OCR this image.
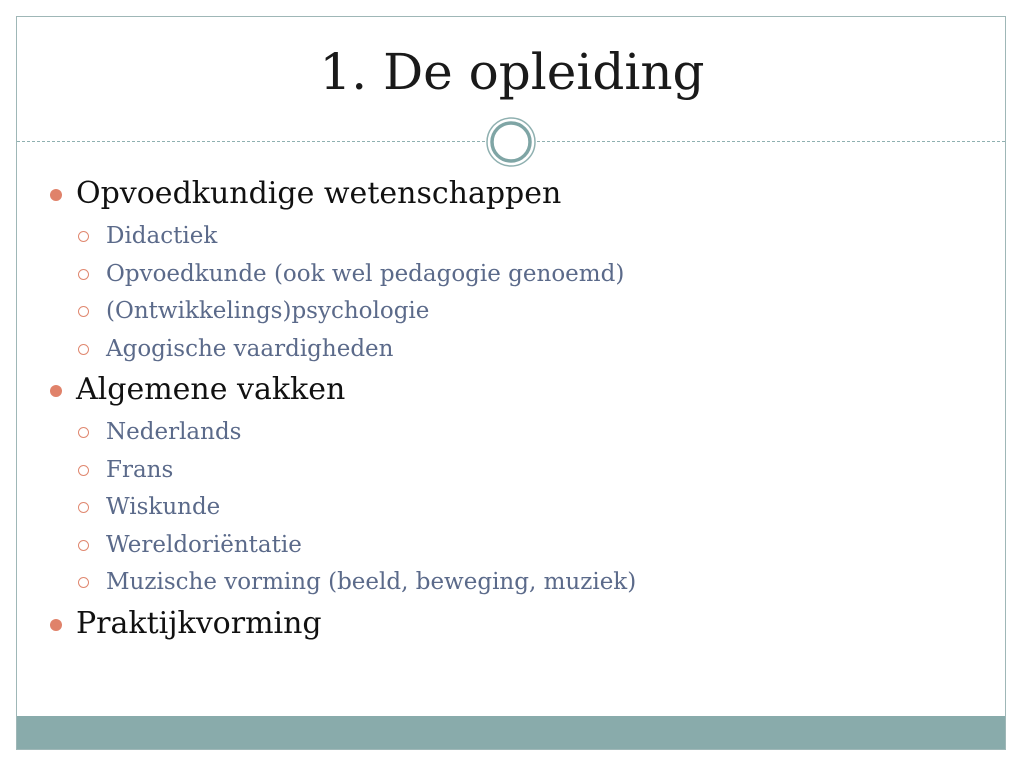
1. De opleiding
Opvoedkundige wetenschappen
Didactiek
Opvoedkunde (ook wel pedagogie genoemd)
(Ontwikkelings)psychologie
Agogische vaardigheden
Algemene vakken
Nederlands
Frans
Wiskunde
Wereldoriëntatie
Muzische vorming (beeld, beweging, muziek)
Praktijkvorming
